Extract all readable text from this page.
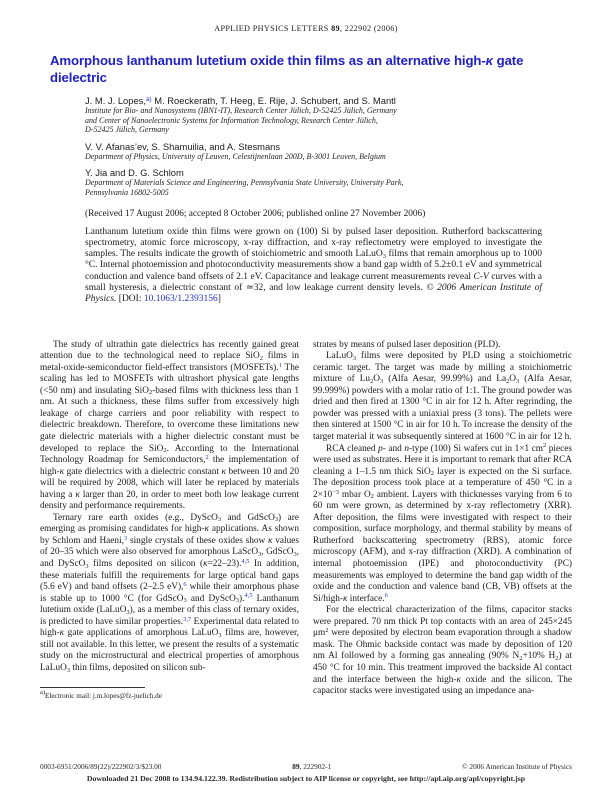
APPLIED PHYSICS LETTERS 89, 222902 (2006)
Amorphous lanthanum lutetium oxide thin films as an alternative high-κ gate dielectric
J. M. J. Lopes,$^{a)}$ M. Roeckerath, T. Heeg, E. Rije, J. Schubert, and S. Mantl
Institute for Bio- and Nanosystems (IBN1-IT), Research Center Jülich, D-52425 Jülich, Germany
and Center of Nanoelectronic Systems for Information Technology, Research Center Jülich,
D-52425 Jülich, Germany
V. V. Afanas’ev, S. Shamuilia, and A. Stesmans
Department of Physics, University of Leuven, Celestijnenlaan 200D, B-3001 Leuven, Belgium
Y. Jia and D. G. Schlom
Department of Materials Science and Engineering, Pennsylvania State University, University Park,
Pennsylvania 16802-5005
(Received 17 August 2006; accepted 8 October 2006; published online 27 November 2006)
Lanthanum lutetium oxide thin films were grown on (100) Si by pulsed laser deposition. Rutherford backscattering spectrometry, atomic force microscopy, x-ray diffraction, and x-ray reflectometry were employed to investigate the samples. The results indicate the growth of stoichiometric and smooth LaLuO$_3$ films that remain amorphous up to 1000 °C. Internal photoemission and photoconductivity measurements show a band gap width of 5.2±0.1 eV and symmetrical conduction and valence band offsets of 2.1 eV. Capacitance and leakage current measurements reveal C-V curves with a small hysteresis, a dielectric constant of ≃32, and low leakage current density levels. © 2006 American Institute of Physics. [DOI: 10.1063/1.2393156]

The study of ultrathin gate dielectrics has recently gained great attention due to the technological need to replace SiO$_2$ films in metal-oxide-semiconductor field-effect transistors (MOSFETs).$^1$ The scaling has led to MOSFETs with ultrashort physical gate lengths (<50 nm) and insulating SiO$_2$-based films with thickness less than 1 nm. At such a thickness, these films suffer from excessively high leakage of charge carriers and poor reliability with respect to dielectric breakdown. Therefore, to overcome these limitations new gate dielectric materials with a higher dielectric constant must be developed to replace the SiO$_2$. According to the International Technology Roadmap for Semiconductors,$^2$ the implementation of high-κ gate dielectrics with a dielectric constant κ between 10 and 20 will be required by 2008, which will later be replaced by materials having a κ larger than 20, in order to meet both low leakage current density and performance requirements.

Ternary rare earth oxides (e.g., DyScO$_3$ and GdScO$_3$) are emerging as promising candidates for high-κ applications. As shown by Schlom and Haeni,$^3$ single crystals of these oxides show κ values of 20–35 which were also observed for amorphous LaScO$_3$, GdScO$_3$, and DyScO$_3$ films deposited on silicon (κ=22–23).$^{4,5}$ In addition, these materials fulfill the requirements for large optical band gaps (5.6 eV) and band offsets (2–2.5 eV),$^6$ while their amorphous phase is stable up to 1000 °C (for GdScO$_3$ and DyScO$_3$).$^{4,5}$ Lanthanum lutetium oxide (LaLuO$_3$), as a member of this class of ternary oxides, is predicted to have similar properties.$^{3,7}$ Experimental data related to high-κ gate applications of amorphous LaLuO$_3$ films are, however, still not available. In this letter, we present the results of a systematic study on the microstructural and electrical properties of amorphous LaLuO$_3$ thin films, deposited on silicon sub-

$^{a)}$Electronic mail: j.m.lopes@fz-juelich.de

strates by means of pulsed laser deposition (PLD).

LaLuO$_3$ films were deposited by PLD using a stoichiometric ceramic target. The target was made by milling a stoichiometric mixture of $Lu_2O_3$ (Alfa Aesar, 99.99%) and $La_2O_3$ (Alfa Aesar, 99.999%) powders with a molar ratio of 1:1. The ground powder was dried and then fired at 1300 °C in air for 12 h. After regrinding, the powder was pressed with a uniaxial press (3 tons). The pellets were then sintered at 1500 °C in air for 10 h. To increase the density of the target material it was subsequently sintered at 1600 °C in air for 12 h.

RCA cleaned p- and n-type (100) Si wafers cut in 1×1 $cm^2$ pieces were used as substrates. Here it is important to remark that after RCA cleaning a 1–1.5 nm thick SiO$_2$ layer is expected on the Si surface. The deposition process took place at a temperature of 450 °C in a $2\times 10^{-3}$ mbar $O_2$ ambient. Layers with thicknesses varying from 6 to 60 nm were grown, as determined by x-ray reflectometry (XRR). After deposition, the films were investigated with respect to their composition, surface morphology, and thermal stability by means of Rutherford backscattering spectrometry (RBS), atomic force microscopy (AFM), and x-ray diffraction (XRD). A combination of internal photoemission (IPE) and photoconductivity (PC) measurements was employed to determine the band gap width of the oxide and the conduction and valence band (CB, VB) offsets at the Si/high-κ interface.$^6$

For the electrical characterization of the films, capacitor stacks were prepared. 70 nm thick Pt top contacts with an area of 245×245 $\mu m^2$ were deposited by electron beam evaporation through a shadow mask. The Ohmic backside contact was made by deposition of 120 nm Al followed by a forming gas annealing (90% $N_2+10\%$ $H_2$) at 450 °C for 10 min. This treatment improved the backside Al contact and the interface between the high-κ oxide and the silicon. The capacitor stacks were investigated using an impedance ana-

0003-6951/2006/89(22)/222902/3/$23.00	89, 222902-1	© 2006 American Institute of Physics
Downloaded 21 Dec 2008 to 134.94.122.39. Redistribution subject to AIP license or copyright, see http://apl.aip.org/apl/copyright.jsp
